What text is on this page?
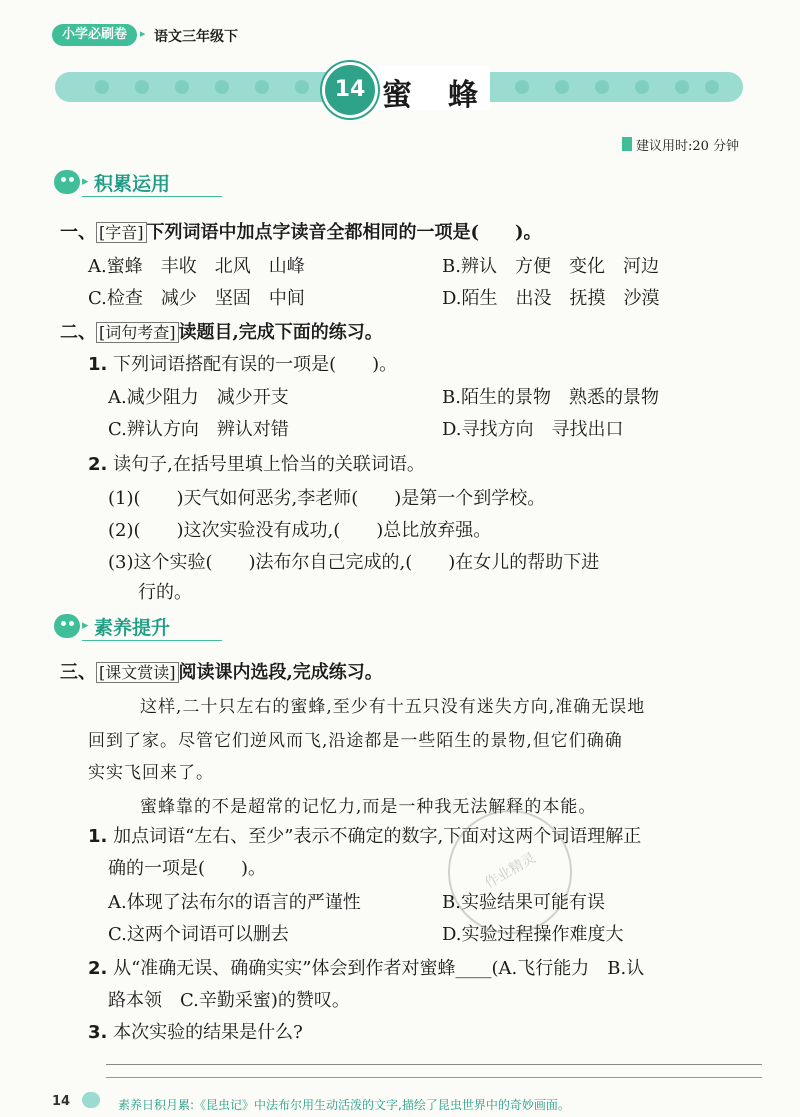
小学必刷卷	▸ 语文三年级下
14 蜜蜂
建议用时:20 分钟
▸ 积累运用
一、 [字音] 下列词语中加点字读音全都相同的一项是(　　)。
A.蜜蜂　丰收　北风　山峰	B.辨认　方便　变化　河边
C.检查　减少　坚固　中间	D.陌生　出没　抚摸　沙漠
二、 [词句考查] 读题目,完成下面的练习。
1. 下列词语搭配有误的一项是(　　)。
A.减少阻力　减少开支	B.陌生的景物　熟悉的景物
C.辨认方向　辨认对错	D.寻找方向　寻找出口
2. 读句子,在括号里填上恰当的关联词语。
(1)(　　)天气如何恶劣,李老师(　　)是第一个到学校。
(2)(　　)这次实验没有成功,(　　)总比放弃强。
(3)这个实验(　　)法布尔自己完成的,(　　)在女儿的帮助下进
行的。
▸ 素养提升
三、 [课文赏读] 阅读课内选段,完成练习。
这样,二十只左右的蜜蜂,至少有十五只没有迷失方向,准确无误地
回到了家。尽管它们逆风而飞,沿途都是一些陌生的景物,但它们确确
实实飞回来了。
蜜蜂靠的不是超常的记忆力,而是一种我无法解释的本能。
1. 加点词语“左右、至少”表示不确定的数字,下面对这两个词语理解正
确的一项是(　　)。
A.体现了法布尔的语言的严谨性	B.实验结果可能有误
C.这两个词语可以删去	D.实验过程操作难度大
2. 从“准确无误、确确实实”体会到作者对蜜蜂____(A.飞行能力　B.认
路本领　C.辛勤采蜜)的赞叹。
3. 本次实验的结果是什么?
作业精灵
14	素养日积月累:《昆虫记》中法布尔用生动活泼的文字,描绘了昆虫世界中的奇妙画面。
